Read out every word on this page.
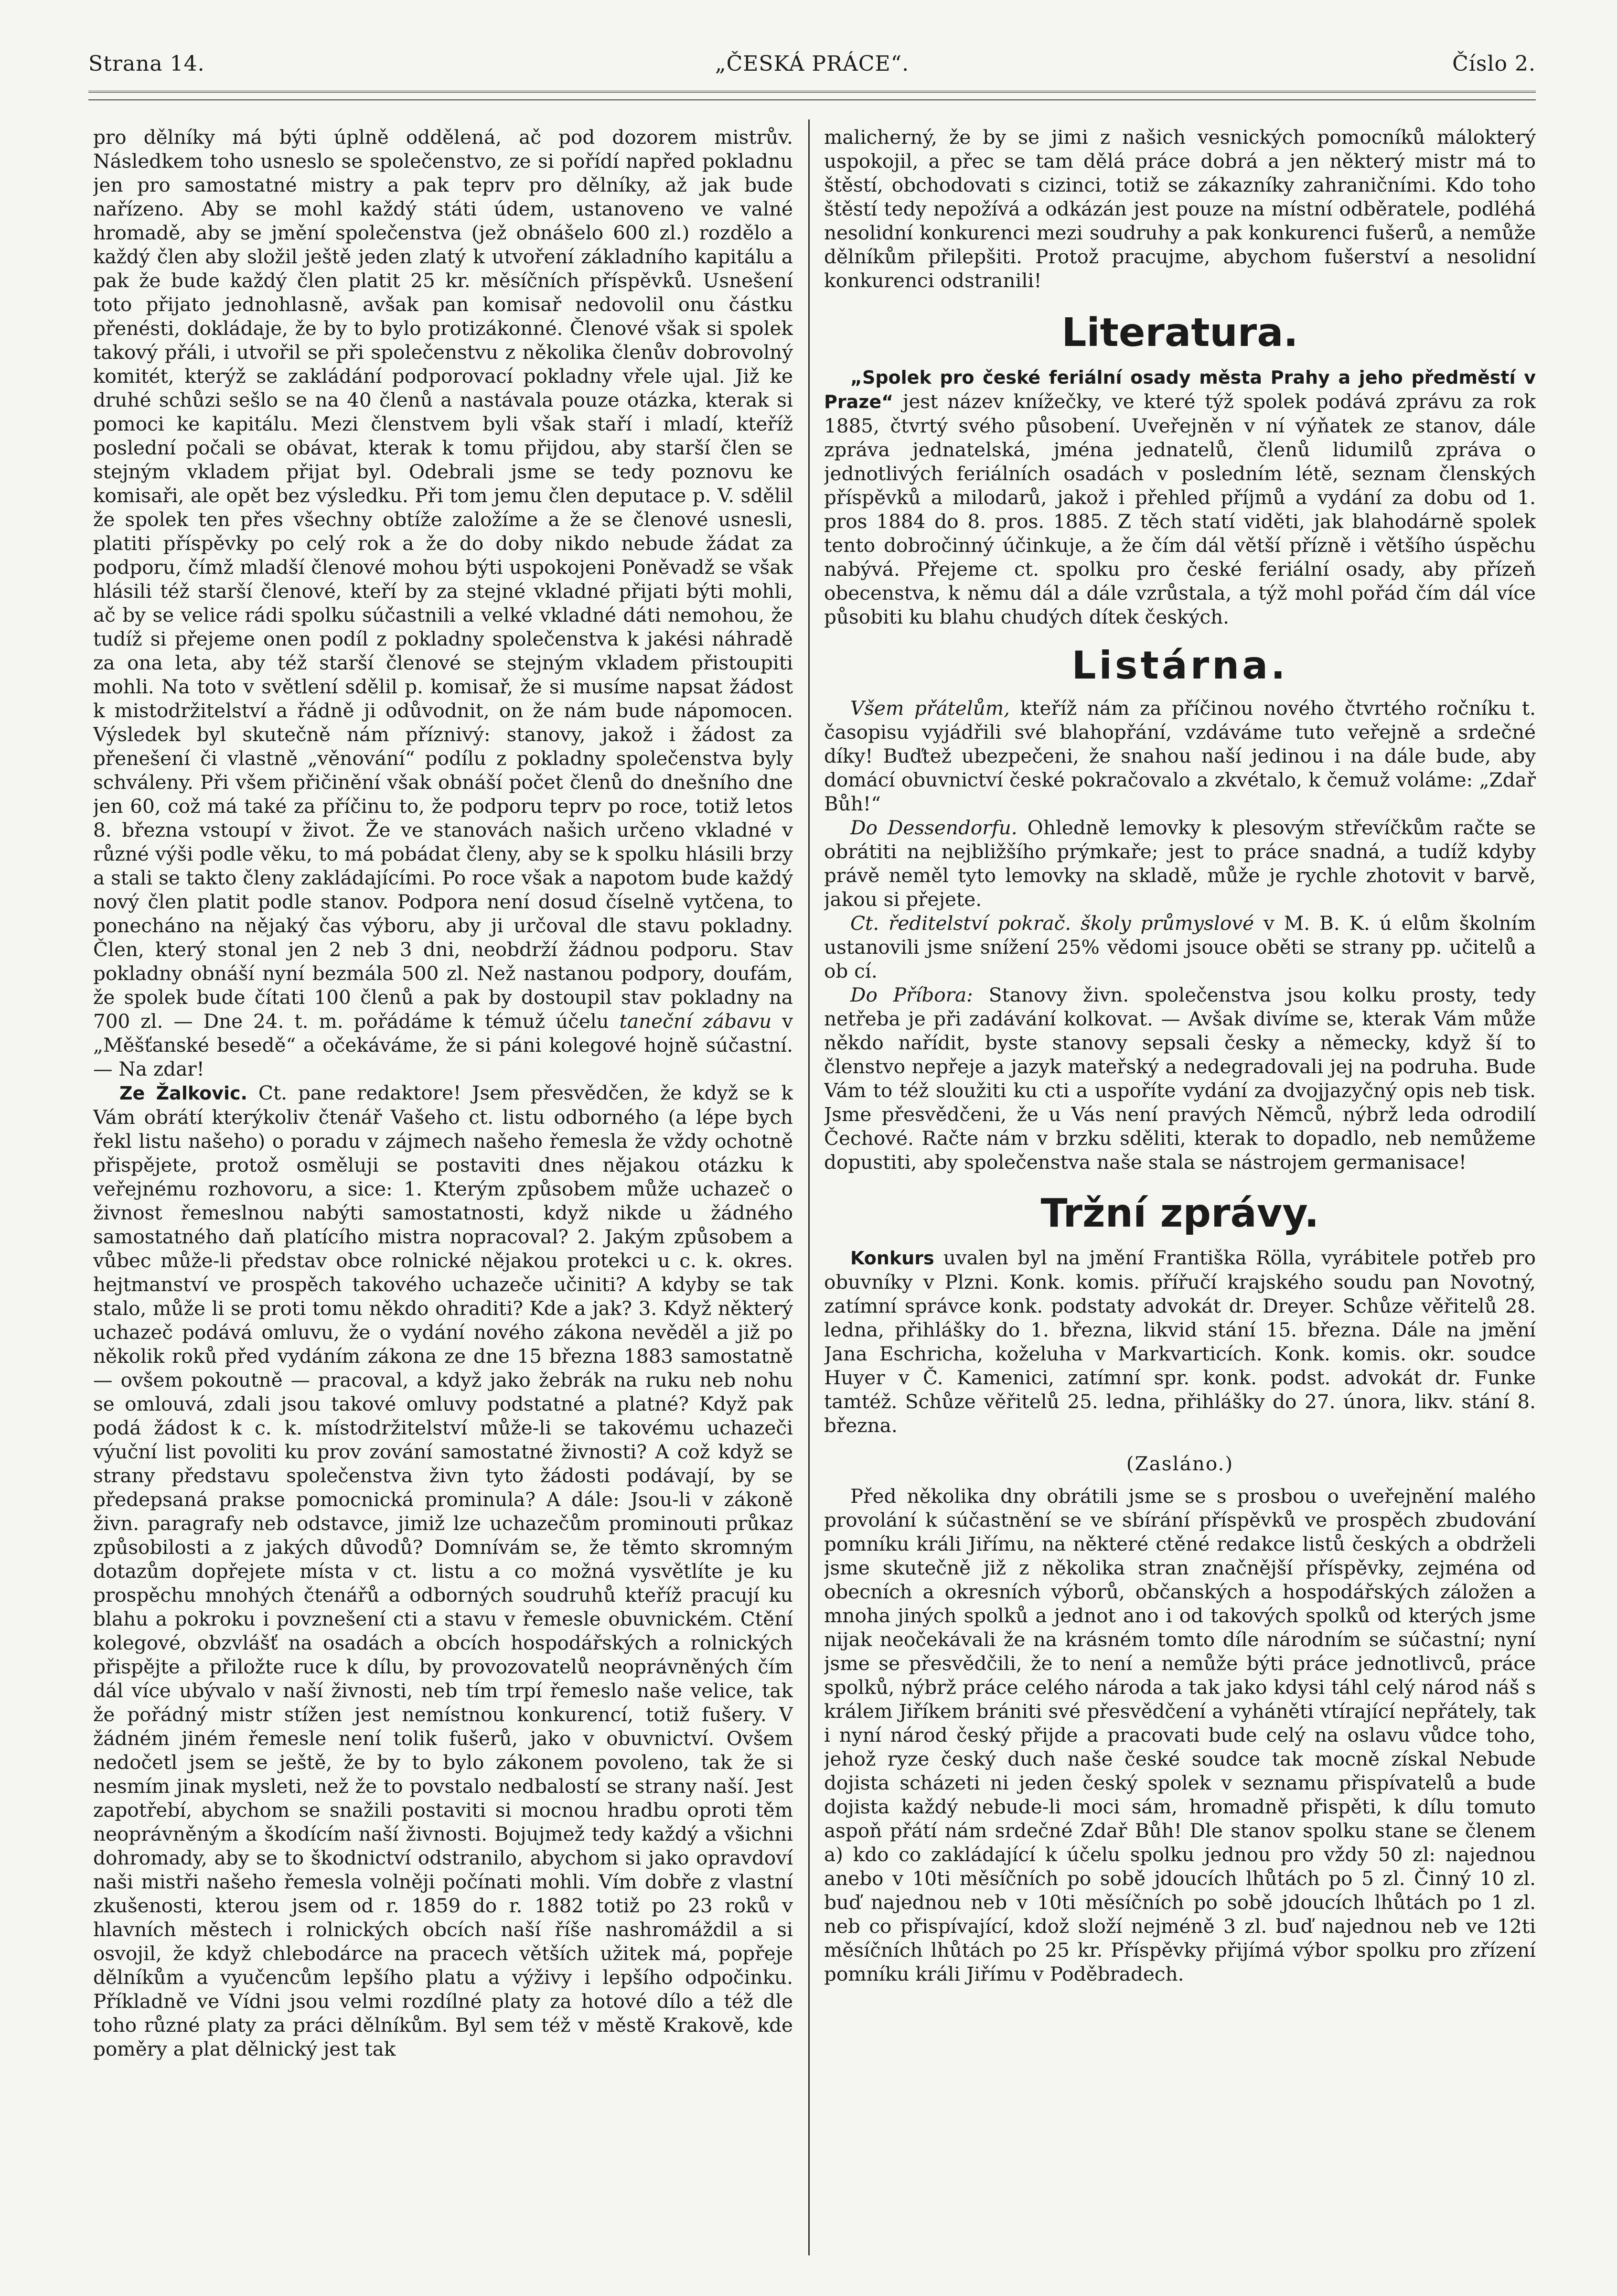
Strana 14.	„ČESKÁ PRÁCE“.	Číslo 2.

pro dělníky má býti úplně oddělená, ač pod dozorem mistrův. Následkem toho usneslo se společenstvo, ze si pořídí napřed pokladnu jen pro samostatné mistry a pak teprv pro dělníky, až jak bude nařízeno. Aby se mohl každý státi údem, ustanoveno ve valné hromadě, aby se jmění společenstva (jež obnášelo 600 zl.) rozdělo a každý člen aby složil ještě jeden zlatý k utvoření základního kapitálu a pak že bude každý člen platit 25 kr. měsíčních příspěvků. Usnešení toto přijato jednohlasně, avšak pan komisař nedovolil onu částku přenésti, dokládaje, že by to bylo protizákonné. Členové však si spolek takový přáli, i utvořil se při společenstvu z několika členův dobrovolný komitét, kterýž se zakládání podporovací pokladny vřele ujal. Již ke druhé schůzi sešlo se na 40 členů a nastávala pouze otázka, kterak si pomoci ke kapitálu. Mezi členstvem byli však staří i mladí, kteříž poslední počali se obávat, kterak k tomu přijdou, aby starší člen se stejným vkladem přijat byl. Odebrali jsme se tedy poznovu ke komisaři, ale opět bez výsledku. Při tom jemu člen deputace p. V. sdělil že spolek ten přes všechny obtíže založíme a že se členové usnesli, platiti příspěvky po celý rok a že do doby nikdo nebude žádat za podporu, čímž mladší členové mohou býti uspokojeni Poněvadž se však hlásili též starší členové, kteří by za stejné vkladné přijati býti mohli, ač by se velice rádi spolku súčastnili a velké vkladné dáti nemohou, že tudíž si přejeme onen podíl z pokladny společenstva k jakési náhradě za ona leta, aby též starší členové se stejným vkladem přistoupiti mohli. Na toto v světlení sdělil p. komisař, že si musíme napsat žádost k mistodržitelství a řádně ji odůvodnit, on že nám bude nápomocen. Výsledek byl skutečně nám příznivý: stanovy, jakož i žádost za přenešení či vlastně „věnování“ podílu z pokladny společenstva byly schváleny. Při všem přičinění však obnáší počet členů do dnešního dne jen 60, což má také za příčinu to, že podporu teprv po roce, totiž letos 8. března vstoupí v život. Že ve stanovách našich určeno vkladné v různé výši podle věku, to má pobádat členy, aby se k spolku hlásili brzy a stali se takto členy zakládajícími. Po roce však a napotom bude každý nový člen platit podle stanov. Podpora není dosud číselně vytčena, to ponecháno na nějaký čas výboru, aby ji určoval dle stavu pokladny. Člen, který stonal jen 2 neb 3 dni, neobdrží žádnou podporu. Stav pokladny obnáší nyní bezmála 500 zl. Než nastanou podpory, doufám, že spolek bude čítati 100 členů a pak by dostoupil stav pokladny na 700 zl. — Dne 24. t. m. pořádáme k témuž účelu taneční zábavu v „Měšťanské besedě“ a očekáváme, že si páni kolegové hojně súčastní. — Na zdar!

Ze Žalkovic. Ct. pane redaktore! Jsem přesvědčen, že když se k Vám obrátí kterýkoliv čtenář Vašeho ct. listu odborného (a lépe bych řekl listu našeho) o poradu v zájmech našeho řemesla že vždy ochotně přispějete, protož osměluji se postaviti dnes nějakou otázku k veřejnému rozhovoru, a sice: 1. Kterým způsobem může uchazeč o živnost řemeslnou nabýti samostatnosti, když nikde u žádného samostatného daň platícího mistra nopracoval? 2. Jakým způsobem a vůbec může-li představ obce rolnické nějakou protekci u c. k. okres. hejtmanství ve prospěch takového uchazeče učiniti? A kdyby se tak stalo, může li se proti tomu někdo ohraditi? Kde a jak? 3. Když některý uchazeč podává omluvu, že o vydání nového zákona nevěděl a již po několik roků před vydáním zákona ze dne 15 března 1883 samostatně — ovšem pokoutně — pracoval, a když jako žebrák na ruku neb nohu se omlouvá, zdali jsou takové omluvy podstatné a platné? Když pak podá žádost k c. k. místodržitelství může-li se takovému uchazeči výuční list povoliti ku prov zování samostatné živnosti? A což když se strany představu společenstva živn tyto žádosti podávají, by se předepsaná prakse pomocnická prominula? A dále: Jsou-li v zákoně živn. paragrafy neb odstavce, jimiž lze uchazečům prominouti průkaz způsobilosti a z jakých důvodů? Domnívám se, že těmto skromným dotazům dopřejete místa v ct. listu a co možná vysvětlíte je ku prospěchu mnohých čtenářů a odborných soudruhů kteříž pracují ku blahu a pokroku i povznešení cti a stavu v řemesle obuvnickém. Ctění kolegové, obzvlášť na osadách a obcích hospodářských a rolnických přispějte a přiložte ruce k dílu, by provozovatelů neoprávněných čím dál více ubývalo v naší živnosti, neb tím trpí řemeslo naše velice, tak že pořádný mistr stížen jest nemístnou konkurencí, totiž fušery. V žádném jiném řemesle není tolik fušerů, jako v obuvnictví. Ovšem nedočetl jsem se ještě, že by to bylo zákonem povoleno, tak že si nesmím jinak mysleti, než že to povstalo nedbalostí se strany naší. Jest zapotřebí, abychom se snažili postaviti si mocnou hradbu oproti těm neoprávněným a škodícím naší živnosti. Bojujmež tedy každý a všichni dohromady, aby se to škodnictví odstranilo, abychom si jako opravdoví naši mistři našeho řemesla volněji počínati mohli. Vím dobře z vlastní zkušenosti, kterou jsem od r. 1859 do r. 1882 totiž po 23 roků v hlavních městech i rolnických obcích naší říše nashromáždil a si osvojil, že když chlebodárce na pracech větších užitek má, popřeje dělníkům a vyučencům lepšího platu a výživy i lepšího odpočinku. Příkladně ve Vídni jsou velmi rozdílné platy za hotové dílo a též dle toho různé platy za práci dělníkům. Byl sem též v městě Krakově, kde poměry a plat dělnický jest tak

malicherný, že by se jimi z našich vesnických pomocníků málokterý uspokojil, a přec se tam dělá práce dobrá a jen některý mistr má to štěstí, obchodovati s cizinci, totiž se zákazníky zahraničními. Kdo toho štěstí tedy nepožívá a odkázán jest pouze na místní odběratele, podléhá nesolidní konkurenci mezi soudruhy a pak konkurenci fušerů, a nemůže dělníkům přilepšiti. Protož pracujme, abychom fušerství a nesolidní konkurenci odstranili!

Literatura.

„Spolek pro české feriální osady města Prahy a jeho předměstí v Praze“ jest název knížečky, ve které týž spolek podává zprávu za rok 1885, čtvrtý svého působení. Uveřejněn v ní výňatek ze stanov, dále zpráva jednatelská, jména jednatelů, členů lidumilů zpráva o jednotlivých feriálních osadách v posledním létě, seznam členských příspěvků a milodarů, jakož i přehled příjmů a vydání za dobu od 1. pros 1884 do 8. pros. 1885. Z těch statí viděti, jak blahodárně spolek tento dobročinný účinkuje, a že čím dál větší přízně i většího úspěchu nabývá. Přejeme ct. spolku pro české feriální osady, aby přízeň obecenstva, k němu dál a dále vzrůstala, a týž mohl pořád čím dál více působiti ku blahu chudých dítek českých.

Listárna.

Všem přátelům, kteříž nám za příčinou nového čtvrtého ročníku t. časopisu vyjádřili své blahopřání, vzdáváme tuto veřejně a srdečné díky! Buďtež ubezpečeni, že snahou naší jedinou i na dále bude, aby domácí obuvnictví české pokračovalo a zkvétalo, k čemuž voláme: „Zdař Bůh!“

Do Dessendorfu. Ohledně lemovky k plesovým střevíčkům račte se obrátiti na nejbližšího prýmkaře; jest to práce snadná, a tudíž kdyby právě neměl tyto lemovky na skladě, může je rychle zhotovit v barvě, jakou si přejete.

Ct. ředitelství pokrač. školy průmyslové v M. B. K. ú elům školním ustanovili jsme snížení 25% vědomi jsouce oběti se strany pp. učitelů a ob cí.

Do Příbora: Stanovy živn. společenstva jsou kolku prosty, tedy netřeba je při zadávání kolkovat. — Avšak divíme se, kterak Vám může někdo nařídit, byste stanovy sepsali česky a německy, když ší to členstvo nepřeje a jazyk mateřský a nedegradovali jej na podruha. Bude Vám to též sloužiti ku cti a uspoříte vydání za dvojjazyčný opis neb tisk. Jsme přesvědčeni, že u Vás není pravých Němců, nýbrž leda odrodilí Čechové. Račte nám v brzku sděliti, kterak to dopadlo, neb nemůžeme dopustiti, aby společenstva naše stala se nástrojem germanisace!

Tržní zprávy.

Konkurs uvalen byl na jmění Františka Rölla, vyrábitele potřeb pro obuvníky v Plzni. Konk. komis. přířučí krajského soudu pan Novotný, zatímní správce konk. podstaty advokát dr. Dreyer. Schůze věřitelů 28. ledna, přihlášky do 1. března, likvid stání 15. března. Dále na jmění Jana Eschricha, koželuha v Markvarticích. Konk. komis. okr. soudce Huyer v Č. Kamenici, zatímní spr. konk. podst. advokát dr. Funke tamtéž. Schůze věřitelů 25. ledna, přihlášky do 27. února, likv. stání 8. března.

(Zasláno.)

Před několika dny obrátili jsme se s prosbou o uveřejnění malého provolání k súčastnění se ve sbírání příspěvků ve prospěch zbudování pomníku králi Jiřímu, na některé ctěné redakce listů českých a obdrželi jsme skutečně již z několika stran značnější příspěvky, zejména od obecních a okresních výborů, občanských a hospodářských záložen a mnoha jiných spolků a jednot ano i od takových spolků od kterých jsme nijak neočekávali že na krásném tomto díle národním se súčastní; nyní jsme se přesvědčili, že to není a nemůže býti práce jednotlivců, práce spolků, nýbrž práce celého národa a tak jako kdysi táhl celý národ náš s králem Jiříkem brániti své přesvědčení a vyháněti vtírající nepřátely, tak i nyní národ český přijde a pracovati bude celý na oslavu vůdce toho, jehož ryze český duch naše české soudce tak mocně získal Nebude dojista scházeti ni jeden český spolek v seznamu přispívatelů a bude dojista každý nebude-li moci sám, hromadně přispěti, k dílu tomuto aspoň přátí nám srdečné Zdař Bůh! Dle stanov spolku stane se členem a) kdo co zakládající k účelu spolku jednou pro vždy 50 zl: najednou anebo v 10ti měsíčních po sobě jdoucích lhůtách po 5 zl. Činný 10 zl. buď najednou neb v 10ti měsíčních po sobě jdoucích lhůtách po 1 zl. neb co přispívající, kdož složí nejméně 3 zl. buď najednou neb ve 12ti měsíčních lhůtách po 25 kr. Příspěvky přijímá výbor spolku pro zřízení pomníku králi Jiřímu v Poděbradech.
